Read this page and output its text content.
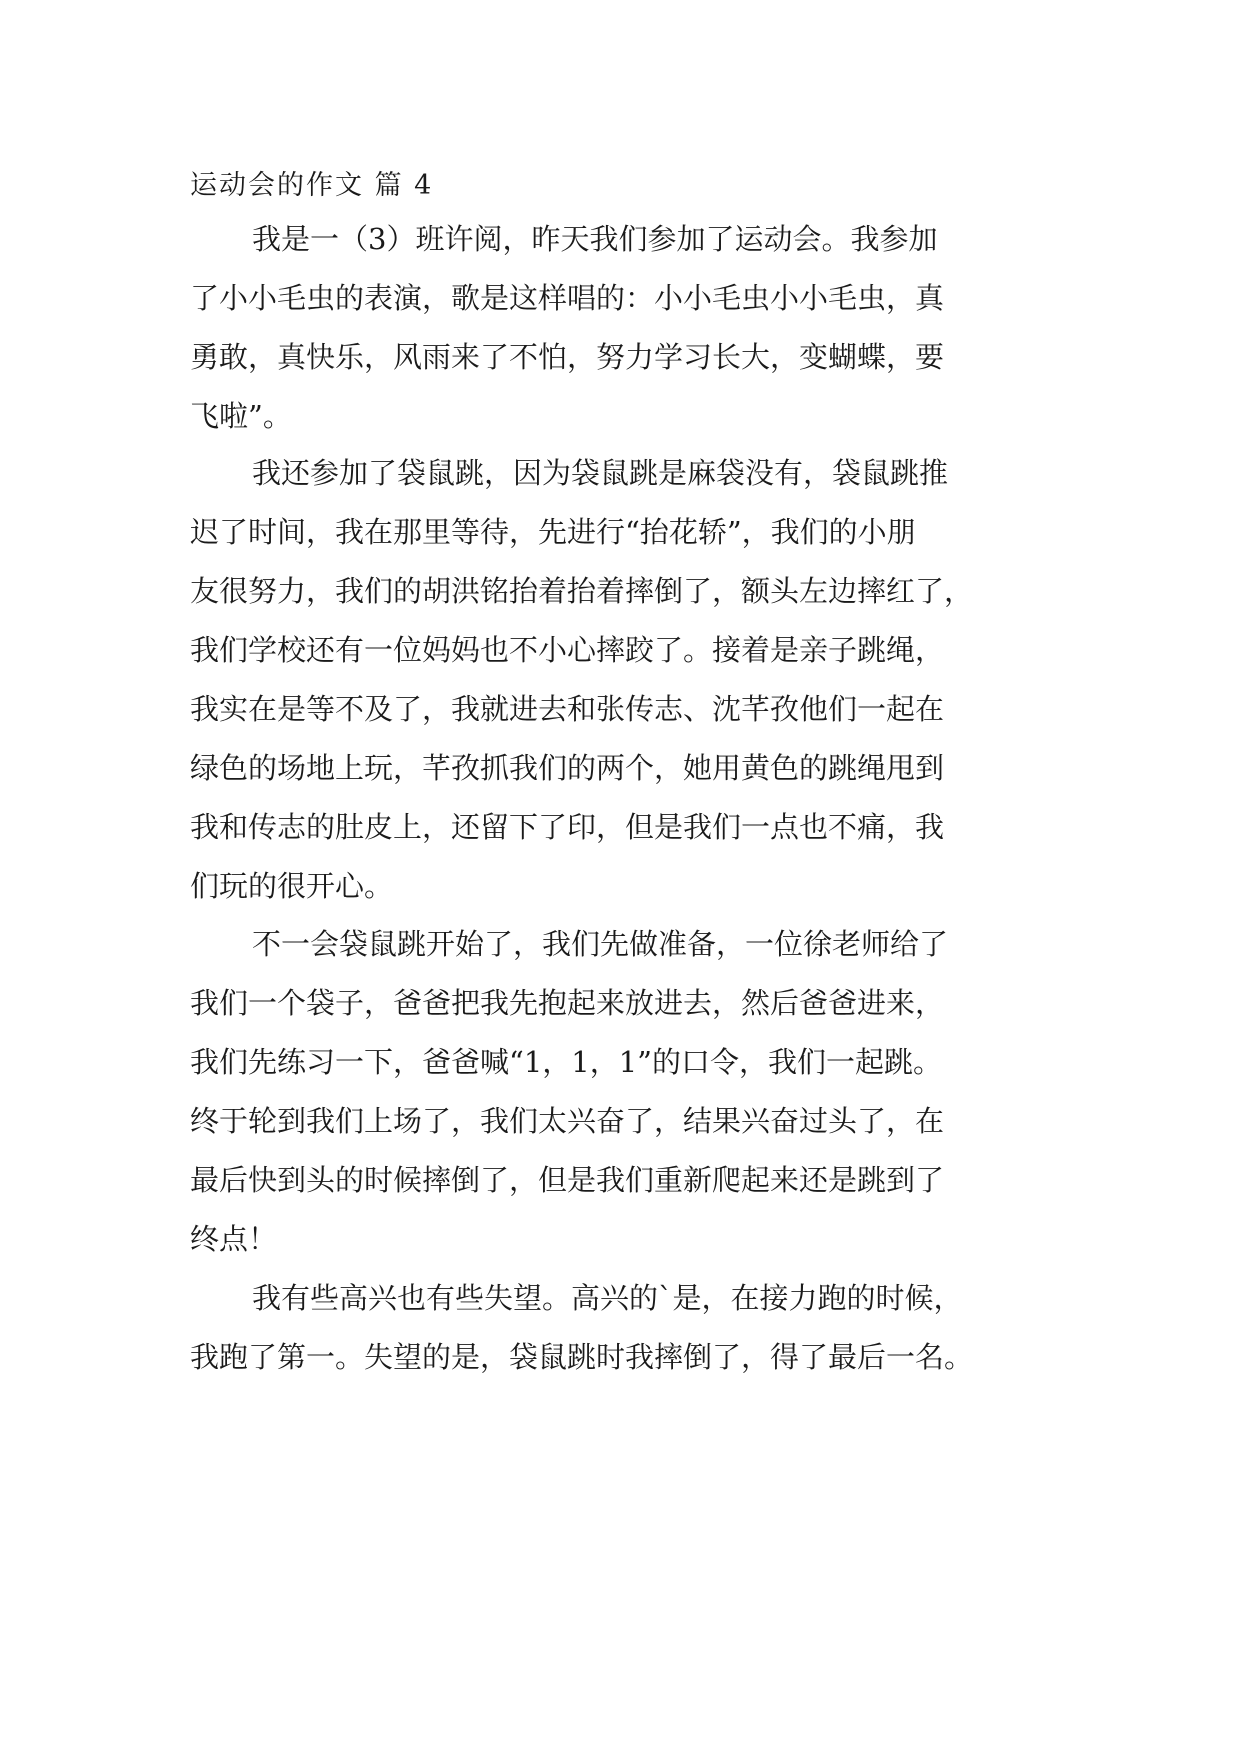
运动会的作文 篇 4
我是一（3）班许阅，昨天我们参加了运动会。我参加
了小小毛虫的表演，歌是这样唱的：小小毛虫小小毛虫，真
勇敢，真快乐，风雨来了不怕，努力学习长大，变蝴蝶，要
飞啦”。
我还参加了袋鼠跳，因为袋鼠跳是麻袋没有，袋鼠跳推
迟了时间，我在那里等待，先进行“抬花轿”，我们的小朋
友很努力，我们的胡洪铭抬着抬着摔倒了，额头左边摔红了，
我们学校还有一位妈妈也不小心摔跤了。接着是亲子跳绳，
我实在是等不及了，我就进去和张传志、沈芊孜他们一起在
绿色的场地上玩，芊孜抓我们的两个，她用黄色的跳绳甩到
我和传志的肚皮上，还留下了印，但是我们一点也不痛，我
们玩的很开心。
不一会袋鼠跳开始了，我们先做准备，一位徐老师给了
我们一个袋子，爸爸把我先抱起来放进去，然后爸爸进来，
我们先练习一下，爸爸喊“1，1，1”的口令，我们一起跳。
终于轮到我们上场了，我们太兴奋了，结果兴奋过头了，在
最后快到头的时候摔倒了，但是我们重新爬起来还是跳到了
终点！
我有些高兴也有些失望。高兴的`是，在接力跑的时候，
我跑了第一。失望的是，袋鼠跳时我摔倒了，得了最后一名。
